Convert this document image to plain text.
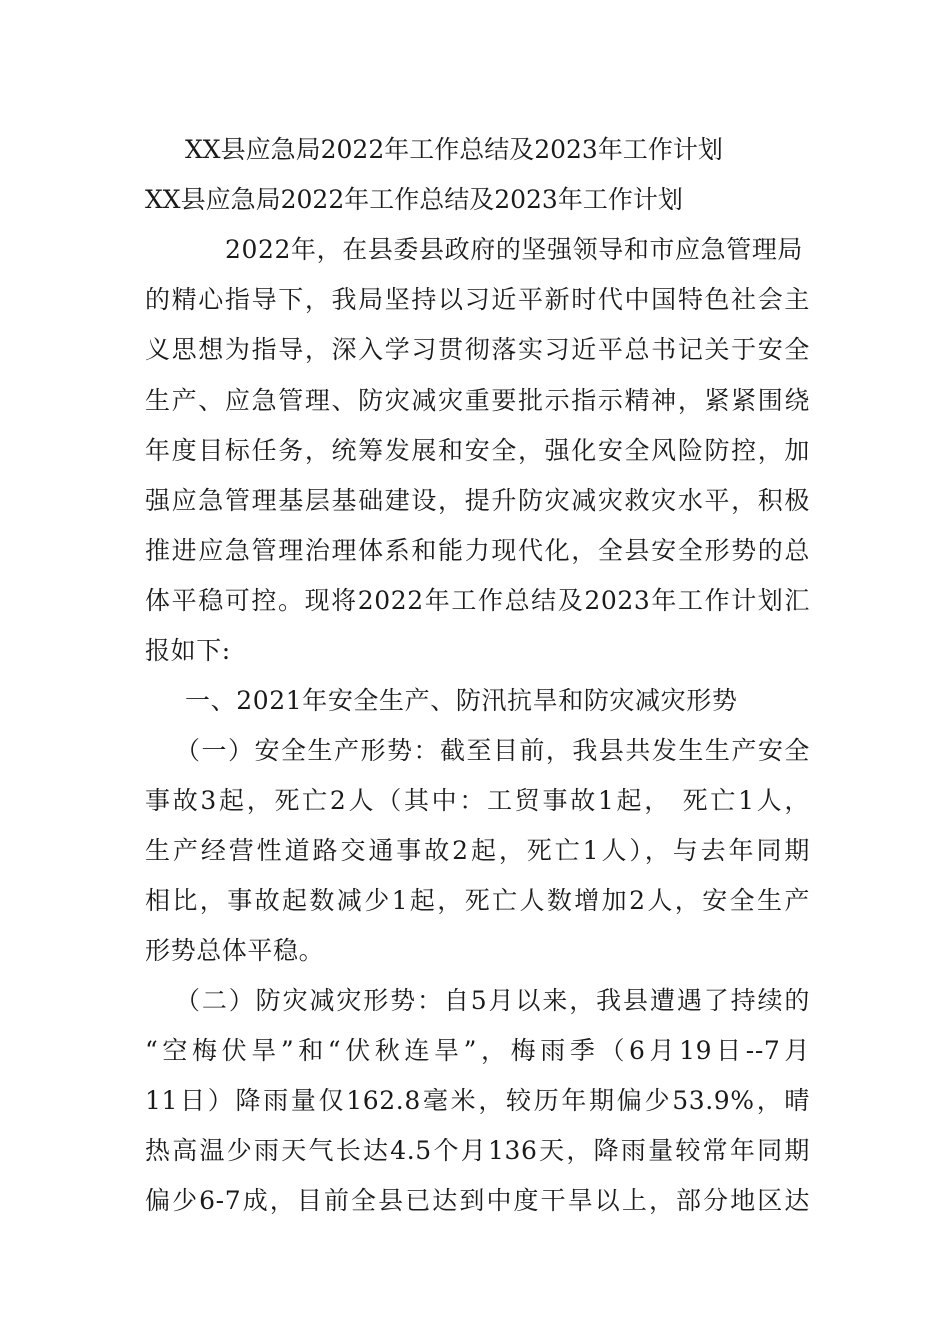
XX县应急局2022年工作总结及2023年工作计划
XX县应急局2022年工作总结及2023年工作计划
2022年，在县委县政府的坚强领导和市应急管理局
的精心指导下，我局坚持以习近平新时代中国特色社会主
义思想为指导，深入学习贯彻落实习近平总书记关于安全
生产、应急管理、防灾减灾重要批示指示精神，紧紧围绕
年度目标任务，统筹发展和安全，强化安全风险防控，加
强应急管理基层基础建设，提升防灾减灾救灾水平，积极
推进应急管理治理体系和能力现代化，全县安全形势的总
体平稳可控。现将2022年工作总结及2023年工作计划汇
报如下:
一、2021年安全生产、防汛抗旱和防灾减灾形势
（一）安全生产形势：截至目前，我县共发生生产安全
事故3起，死亡2人（其中：工贸事故1起， 死亡1人，
生产经营性道路交通事故2起，死亡1人），与去年同期
相比，事故起数减少1起，死亡人数增加2人，安全生产
形势总体平稳。
（二）防灾减灾形势：自5月以来，我县遭遇了持续的
“空梅伏旱”和“伏秋连旱”，梅雨季（6月19日--7月
11日）降雨量仅162.8毫米，较历年期偏少53.9%，晴
热高温少雨天气长达4.5个月136天，降雨量较常年同期
偏少6-7成，目前全县已达到中度干旱以上，部分地区达
